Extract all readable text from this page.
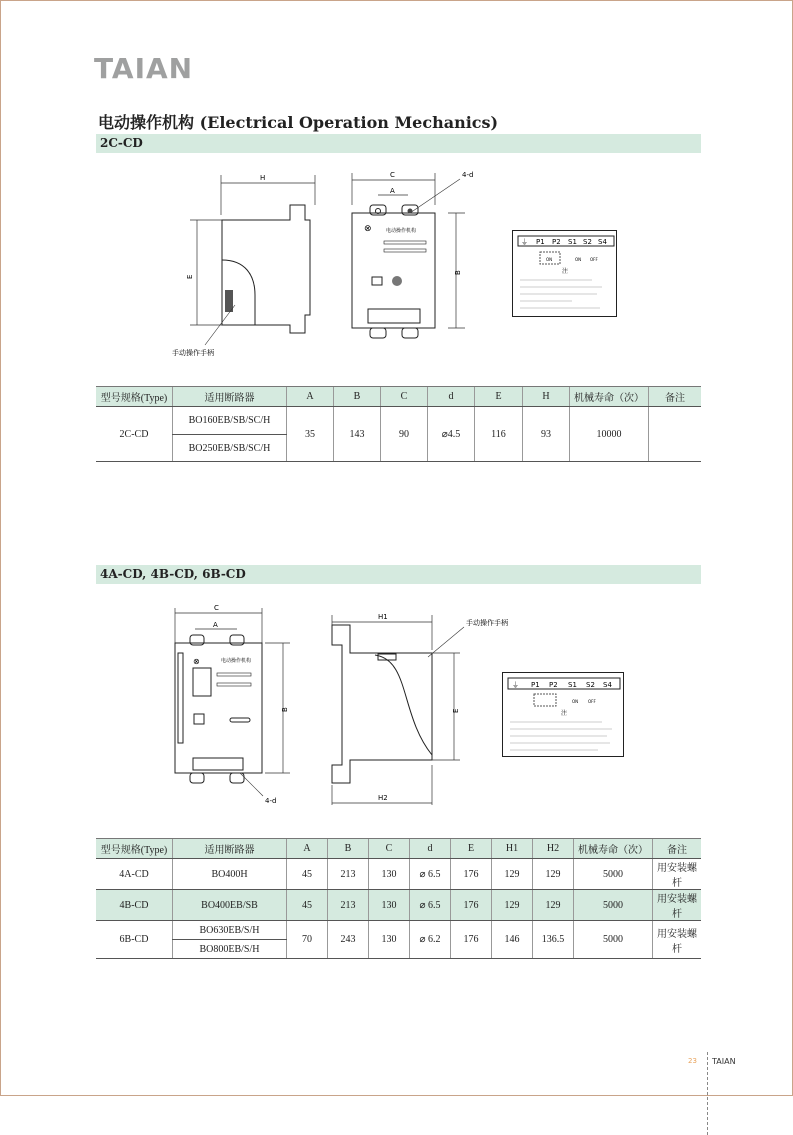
TAIAN
电动操作机构 (Electrical Operation Mechanics)
2C-CD
H
E
手动操作手柄
C
A
4-d
⊗	电动操作机构
B
⏚ P1 P2 S1 S2 S4
ON	ON OFF
注
型号规格(Type)	适用断路器	A	B	C	d	E	H	机械寿命（次）	备注
2C-CD	BO160EB/SB/SC/H	35	143	90	⌀4.5	116	93	10000	
	BO250EB/SB/SC/H								
4A-CD, 4B-CD, 6B-CD
C
A
⊗	电动操作机构
B
4-d
H1
手动操作手柄
E
H2
⏚ P1 P2 S1 S2 S4
ON OFF
注
型号规格(Type)	适用断路器	A	B	C	d	E	H1	H2	机械寿命（次）	备注
4A-CD	BO400H	45	213	130	⌀ 6.5	176	129	129	5000	用安装螺杆
4B-CD	BO400EB/SB	45	213	130	⌀ 6.5	176	129	129	5000	用安装螺杆
6B-CD	BO630EB/S/H	70	243	130	⌀ 6.2	176	146	136.5	5000	用安装螺杆
	BO800EB/S/H									
23 TAIAN
